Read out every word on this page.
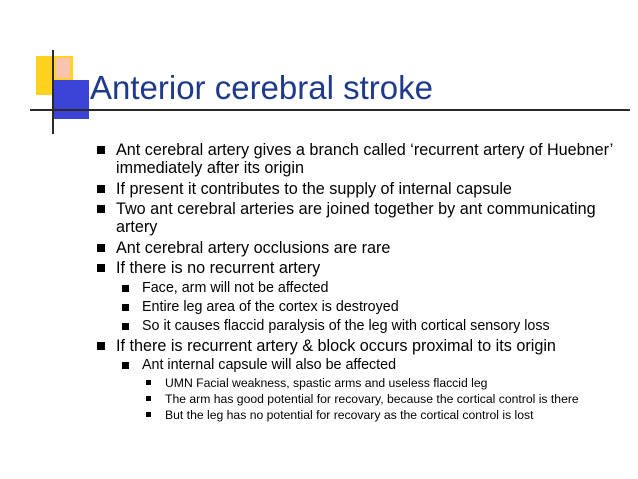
Anterior cerebral stroke
Ant cerebral artery gives a branch called ‘recurrent artery of Huebner’ immediately after its origin
If present it contributes to the supply of internal capsule
Two ant cerebral arteries are joined together by ant communicating artery
Ant cerebral artery occlusions are rare
If there is no recurrent artery
Face, arm will not be affected
Entire leg area of the cortex is destroyed
So it causes flaccid paralysis of the leg with cortical sensory loss
If there is recurrent artery & block occurs proximal to its origin
Ant internal capsule will also be affected
UMN Facial weakness, spastic arms and useless flaccid leg
The arm has good potential for recovary, because the cortical control is there
But the leg has no potential for recovary as the cortical control is lost
